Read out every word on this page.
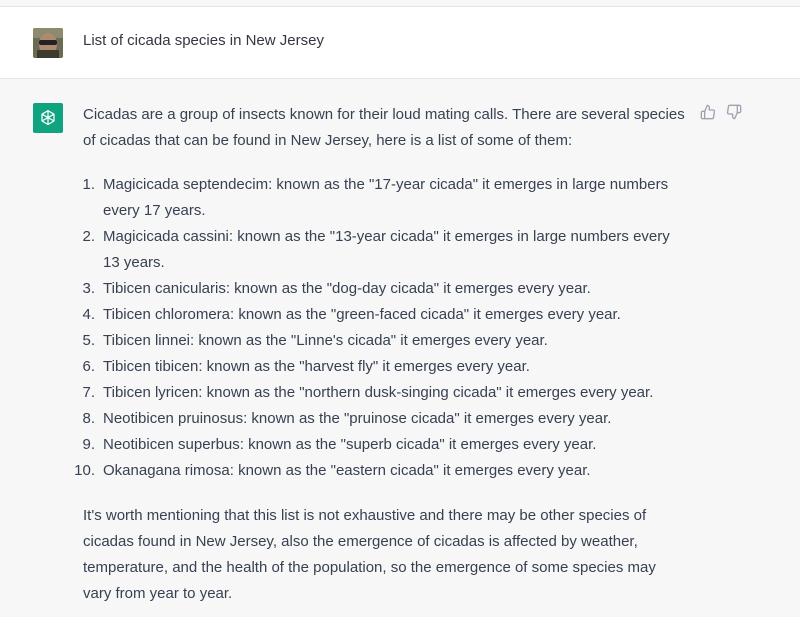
List of cicada species in New Jersey

Cicadas are a group of insects known for their loud mating calls. There are several species of cicadas that can be found in New Jersey, here is a list of some of them:

1. Magicicada septendecim: known as the "17-year cicada" it emerges in large numbers every 17 years.
2. Magicicada cassini: known as the "13-year cicada" it emerges in large numbers every 13 years.
3. Tibicen canicularis: known as the "dog-day cicada" it emerges every year.
4. Tibicen chloromera: known as the "green-faced cicada" it emerges every year.
5. Tibicen linnei: known as the "Linne's cicada" it emerges every year.
6. Tibicen tibicen: known as the "harvest fly" it emerges every year.
7. Tibicen lyricen: known as the "northern dusk-singing cicada" it emerges every year.
8. Neotibicen pruinosus: known as the "pruinose cicada" it emerges every year.
9. Neotibicen superbus: known as the "superb cicada" it emerges every year.
10. Okanagana rimosa: known as the "eastern cicada" it emerges every year.

It's worth mentioning that this list is not exhaustive and there may be other species of cicadas found in New Jersey, also the emergence of cicadas is affected by weather, temperature, and the health of the population, so the emergence of some species may vary from year to year.
